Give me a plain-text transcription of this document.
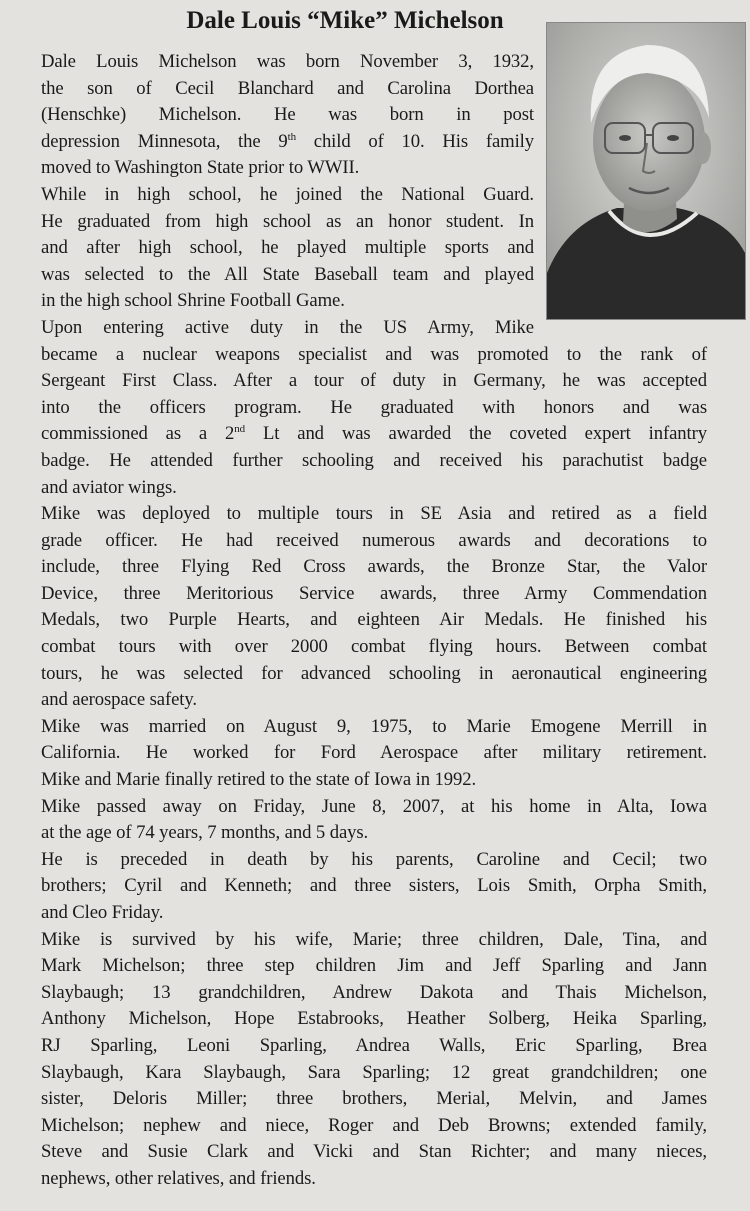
Dale Louis “Mike” Michelson

Dale Louis Michelson was born November 3, 1932,
the son of Cecil Blanchard and Carolina Dorthea
(Henschke) Michelson. He was born in post
depression Minnesota, the 9th child of 10. His family
moved to Washington State prior to WWII.

While in high school, he joined the National Guard.
He graduated from high school as an honor student. In
and after high school, he played multiple sports and
was selected to the All State Baseball team and played
in the high school Shrine Football Game.

Upon entering active duty in the US Army, Mike
became a nuclear weapons specialist and was promoted to the rank of
Sergeant First Class. After a tour of duty in Germany, he was accepted
into the officers program. He graduated with honors and was
commissioned as a 2nd Lt and was awarded the coveted expert infantry
badge. He attended further schooling and received his parachutist badge
and aviator wings.

Mike was deployed to multiple tours in SE Asia and retired as a field
grade officer. He had received numerous awards and decorations to
include, three Flying Red Cross awards, the Bronze Star, the Valor
Device, three Meritorious Service awards, three Army Commendation
Medals, two Purple Hearts, and eighteen Air Medals. He finished his
combat tours with over 2000 combat flying hours. Between combat
tours, he was selected for advanced schooling in aeronautical engineering
and aerospace safety.

Mike was married on August 9, 1975, to Marie Emogene Merrill in
California. He worked for Ford Aerospace after military retirement.
Mike and Marie finally retired to the state of Iowa in 1992.

Mike passed away on Friday, June 8, 2007, at his home in Alta, Iowa
at the age of 74 years, 7 months, and 5 days.

He is preceded in death by his parents, Caroline and Cecil; two
brothers; Cyril and Kenneth; and three sisters, Lois Smith, Orpha Smith,
and Cleo Friday.

Mike is survived by his wife, Marie; three children, Dale, Tina, and
Mark Michelson; three step children Jim and Jeff Sparling and Jann
Slaybaugh; 13 grandchildren, Andrew Dakota and Thais Michelson,
Anthony Michelson, Hope Estabrooks, Heather Solberg, Heika Sparling,
RJ Sparling, Leoni Sparling, Andrea Walls, Eric Sparling, Brea
Slaybaugh, Kara Slaybaugh, Sara Sparling; 12 great grandchildren; one
sister, Deloris Miller; three brothers, Merial, Melvin, and James
Michelson; nephew and niece, Roger and Deb Browns; extended family,
Steve and Susie Clark and Vicki and Stan Richter; and many nieces,
nephews, other relatives, and friends.
